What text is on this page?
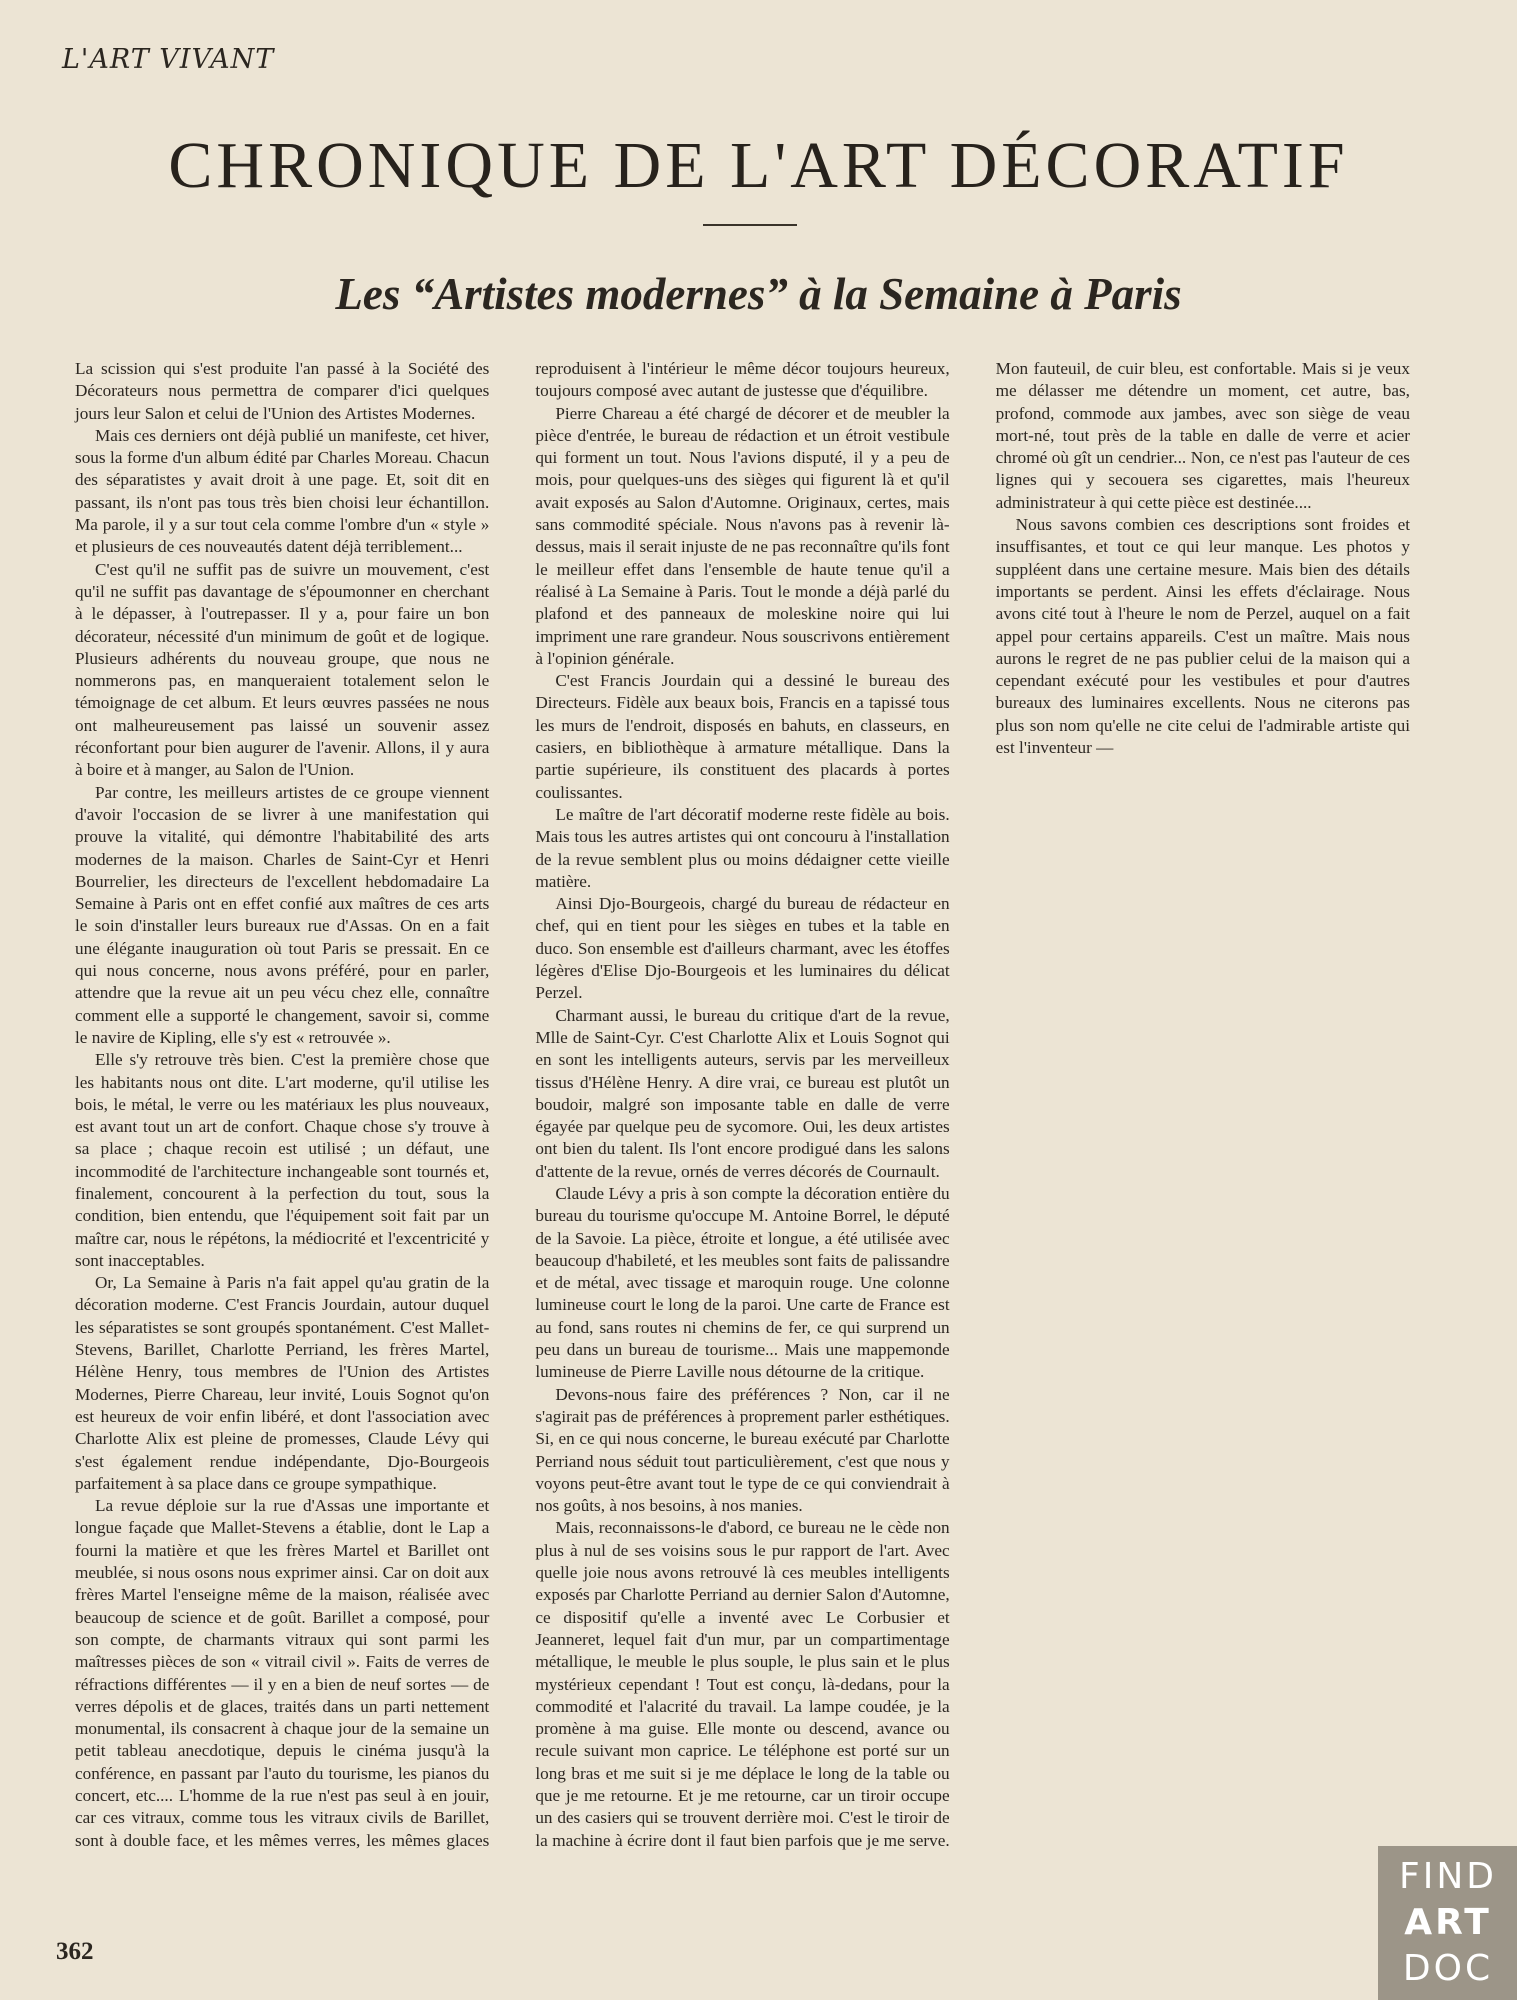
L'ART VIVANT
CHRONIQUE DE L'ART DÉCORATIF
Les “Artistes modernes” à la Semaine à Paris

La scission qui s'est produite l'an passé à la Société des Décorateurs nous permettra de comparer d'ici quelques jours leur Salon et celui de l'Union des Artistes Modernes.

Mais ces derniers ont déjà publié un manifeste, cet hiver, sous la forme d'un album édité par Charles Moreau. Chacun des séparatistes y avait droit à une page. Et, soit dit en passant, ils n'ont pas tous très bien choisi leur échantillon. Ma parole, il y a sur tout cela comme l'ombre d'un « style » et plusieurs de ces nouveautés datent déjà terriblement...

C'est qu'il ne suffit pas de suivre un mouvement, c'est qu'il ne suffit pas davantage de s'époumonner en cherchant à le dépasser, à l'outrepasser. Il y a, pour faire un bon décorateur, nécessité d'un minimum de goût et de logique. Plusieurs adhérents du nouveau groupe, que nous ne nommerons pas, en manqueraient totalement selon le témoignage de cet album. Et leurs œuvres passées ne nous ont malheureusement pas laissé un souvenir assez réconfortant pour bien augurer de l'avenir. Allons, il y aura à boire et à manger, au Salon de l'Union.

Par contre, les meilleurs artistes de ce groupe viennent d'avoir l'occasion de se livrer à une manifestation qui prouve la vitalité, qui démontre l'habitabilité des arts modernes de la maison. Charles de Saint-Cyr et Henri Bourrelier, les directeurs de l'excellent hebdomadaire La Semaine à Paris ont en effet confié aux maîtres de ces arts le soin d'installer leurs bureaux rue d'Assas. On en a fait une élégante inauguration où tout Paris se pressait. En ce qui nous concerne, nous avons préféré, pour en parler, attendre que la revue ait un peu vécu chez elle, connaître comment elle a supporté le changement, savoir si, comme le navire de Kipling, elle s'y est « retrouvée ».

Elle s'y retrouve très bien. C'est la première chose que les habitants nous ont dite. L'art moderne, qu'il utilise les bois, le métal, le verre ou les matériaux les plus nouveaux, est avant tout un art de confort. Chaque chose s'y trouve à sa place ; chaque recoin est utilisé ; un défaut, une incommodité de l'architecture inchangeable sont tournés et, finalement, concourent à la perfection du tout, sous la condition, bien entendu, que l'équipement soit fait par un maître car, nous le répétons, la médiocrité et l'excentricité y sont inacceptables.

Or, La Semaine à Paris n'a fait appel qu'au gratin de la décoration moderne. C'est Francis Jourdain, autour duquel les séparatistes se sont groupés spontanément. C'est Mallet-Stevens, Barillet, Charlotte Perriand, les frères Martel, Hélène Henry, tous membres de l'Union des Artistes Modernes, Pierre Chareau, leur invité, Louis Sognot qu'on est heureux de voir enfin libéré, et dont l'association avec Charlotte Alix est pleine de promesses, Claude Lévy qui s'est également rendue indépendante, Djo-Bourgeois parfaitement à sa place dans ce groupe sympathique.

La revue déploie sur la rue d'Assas une importante et longue façade que Mallet-Stevens a établie, dont le Lap a fourni la matière et que les frères Martel et Barillet ont meublée, si nous osons nous exprimer ainsi. Car on doit aux frères Martel l'enseigne même de la maison, réalisée avec beaucoup de science et de goût. Barillet a composé, pour son compte, de charmants vitraux qui sont parmi les maîtresses pièces de son « vitrail civil ». Faits de verres de réfractions différentes — il y en a bien de neuf sortes — de verres dépolis et de glaces, traités dans un parti nettement monumental, ils consacrent à chaque jour de la semaine un petit tableau anecdotique, depuis le cinéma jusqu'à la conférence, en passant par l'auto du tourisme, les pianos du concert, etc.... L'homme de la rue n'est pas seul à en jouir, car ces vitraux, comme tous les vitraux civils de Barillet, sont à double face, et les mêmes verres, les mêmes glaces reproduisent à l'intérieur le même décor toujours heureux, toujours composé avec autant de justesse que d'équilibre.

Pierre Chareau a été chargé de décorer et de meubler la pièce d'entrée, le bureau de rédaction et un étroit vestibule qui forment un tout. Nous l'avions disputé, il y a peu de mois, pour quelques-uns des sièges qui figurent là et qu'il avait exposés au Salon d'Automne. Originaux, certes, mais sans commodité spéciale. Nous n'avons pas à revenir là-dessus, mais il serait injuste de ne pas reconnaître qu'ils font le meilleur effet dans l'ensemble de haute tenue qu'il a réalisé à La Semaine à Paris. Tout le monde a déjà parlé du plafond et des panneaux de moleskine noire qui lui impriment une rare grandeur. Nous souscrivons entièrement à l'opinion générale.

C'est Francis Jourdain qui a dessiné le bureau des Directeurs. Fidèle aux beaux bois, Francis en a tapissé tous les murs de l'endroit, disposés en bahuts, en classeurs, en casiers, en bibliothèque à armature métallique. Dans la partie supérieure, ils constituent des placards à portes coulissantes.

Le maître de l'art décoratif moderne reste fidèle au bois. Mais tous les autres artistes qui ont concouru à l'installation de la revue semblent plus ou moins dédaigner cette vieille matière.

Ainsi Djo-Bourgeois, chargé du bureau de rédacteur en chef, qui en tient pour les sièges en tubes et la table en duco. Son ensemble est d'ailleurs charmant, avec les étoffes légères d'Elise Djo-Bourgeois et les luminaires du délicat Perzel.

Charmant aussi, le bureau du critique d'art de la revue, Mlle de Saint-Cyr. C'est Charlotte Alix et Louis Sognot qui en sont les intelligents auteurs, servis par les merveilleux tissus d'Hélène Henry. A dire vrai, ce bureau est plutôt un boudoir, malgré son imposante table en dalle de verre égayée par quelque peu de sycomore. Oui, les deux artistes ont bien du talent. Ils l'ont encore prodigué dans les salons d'attente de la revue, ornés de verres décorés de Cournault.

Claude Lévy a pris à son compte la décoration entière du bureau du tourisme qu'occupe M. Antoine Borrel, le député de la Savoie. La pièce, étroite et longue, a été utilisée avec beaucoup d'habileté, et les meubles sont faits de palissandre et de métal, avec tissage et maroquin rouge. Une colonne lumineuse court le long de la paroi. Une carte de France est au fond, sans routes ni chemins de fer, ce qui surprend un peu dans un bureau de tourisme... Mais une mappemonde lumineuse de Pierre Laville nous détourne de la critique.

Devons-nous faire des préférences ? Non, car il ne s'agirait pas de préférences à proprement parler esthétiques. Si, en ce qui nous concerne, le bureau exécuté par Charlotte Perriand nous séduit tout particulièrement, c'est que nous y voyons peut-être avant tout le type de ce qui conviendrait à nos goûts, à nos besoins, à nos manies.

Mais, reconnaissons-le d'abord, ce bureau ne le cède non plus à nul de ses voisins sous le pur rapport de l'art. Avec quelle joie nous avons retrouvé là ces meubles intelligents exposés par Charlotte Perriand au dernier Salon d'Automne, ce dispositif qu'elle a inventé avec Le Corbusier et Jeanneret, lequel fait d'un mur, par un compartimentage métallique, le meuble le plus souple, le plus sain et le plus mystérieux cependant ! Tout est conçu, là-dedans, pour la commodité et l'alacrité du travail. La lampe coudée, je la promène à ma guise. Elle monte ou descend, avance ou recule suivant mon caprice. Le téléphone est porté sur un long bras et me suit si je me déplace le long de la table ou que je me retourne. Et je me retourne, car un tiroir occupe un des casiers qui se trouvent derrière moi. C'est le tiroir de la machine à écrire dont il faut bien parfois que je me serve. Mon fauteuil, de cuir bleu, est confortable. Mais si je veux me délasser me détendre un moment, cet autre, bas, profond, commode aux jambes, avec son siège de veau mort-né, tout près de la table en dalle de verre et acier chromé où gît un cendrier... Non, ce n'est pas l'auteur de ces lignes qui y secouera ses cigarettes, mais l'heureux administrateur à qui cette pièce est destinée....

Nous savons combien ces descriptions sont froides et insuffisantes, et tout ce qui leur manque. Les photos y suppléent dans une certaine mesure. Mais bien des détails importants se perdent. Ainsi les effets d'éclairage. Nous avons cité tout à l'heure le nom de Perzel, auquel on a fait appel pour certains appareils. C'est un maître. Mais nous aurons le regret de ne pas publier celui de la maison qui a cependant exécuté pour les vestibules et pour d'autres bureaux des luminaires excellents. Nous ne citerons pas plus son nom qu'elle ne cite celui de l'admirable artiste qui est l'inventeur —

362
FIND
ART
DOC
